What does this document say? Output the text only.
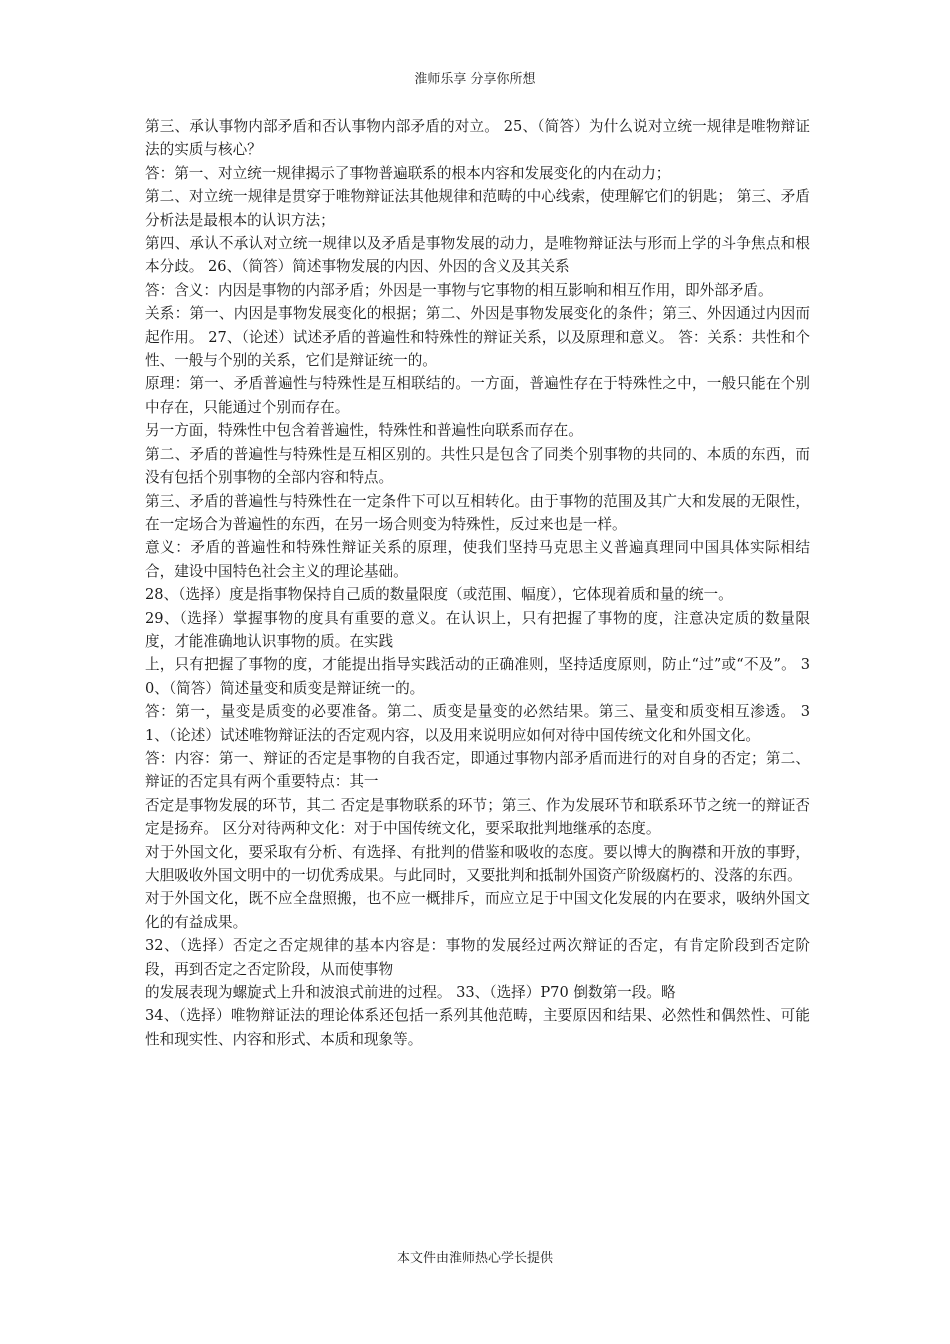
淮师乐享 分享你所想

第三、承认事物内部矛盾和否认事物内部矛盾的对立。 25、（简答）为什么说对立统一规律是唯物辩证法的实质与核心？

答：第一、对立统一规律揭示了事物普遍联系的根本内容和发展变化的内在动力；

第二、对立统一规律是贯穿于唯物辩证法其他规律和范畴的中心线索，使理解它们的钥匙； 第三、矛盾分析法是最根本的认识方法；

第四、承认不承认对立统一规律以及矛盾是事物发展的动力，是唯物辩证法与形而上学的斗争焦点和根本分歧。 26、（简答）简述事物发展的内因、外因的含义及其关系

答：含义：内因是事物的内部矛盾；外因是一事物与它事物的相互影响和相互作用，即外部矛盾。

关系：第一、内因是事物发展变化的根据；第二、外因是事物发展变化的条件；第三、外因通过内因而起作用。 27、（论述）试述矛盾的普遍性和特殊性的辩证关系，以及原理和意义。 答：关系：共性和个性、一般与个别的关系，它们是辩证统一的。

原理：第一、矛盾普遍性与特殊性是互相联结的。一方面，普遍性存在于特殊性之中，一般只能在个别中存在，只能通过个别而存在。

另一方面，特殊性中包含着普遍性，特殊性和普遍性向联系而存在。

第二、矛盾的普遍性与特殊性是互相区别的。共性只是包含了同类个别事物的共同的、本质的东西，而没有包括个别事物的全部内容和特点。

第三、矛盾的普遍性与特殊性在一定条件下可以互相转化。由于事物的范围及其广大和发展的无限性，在一定场合为普遍性的东西，在另一场合则变为特殊性，反过来也是一样。

意义：矛盾的普遍性和特殊性辩证关系的原理，使我们坚持马克思主义普遍真理同中国具体实际相结合，建设中国特色社会主义的理论基础。

28、（选择）度是指事物保持自己质的数量限度（或范围、幅度），它体现着质和量的统一。

29、（选择）掌握事物的度具有重要的意义。在认识上，只有把握了事物的度，注意决定质的数量限度，才能准确地认识事物的质。在实践

上，只有把握了事物的度，才能提出指导实践活动的正确准则，坚持适度原则，防止“过”或“不及”。 30、（简答）简述量变和质变是辩证统一的。

答：第一，量变是质变的必要准备。第二、质变是量变的必然结果。第三、量变和质变相互渗透。 31、（论述）试述唯物辩证法的否定观内容，以及用来说明应如何对待中国传统文化和外国文化。

答：内容：第一、辩证的否定是事物的自我否定，即通过事物内部矛盾而进行的对自身的否定；第二、辩证的否定具有两个重要特点：其一

否定是事物发展的环节，其二 否定是事物联系的环节；第三、作为发展环节和联系环节之统一的辩证否定是扬弃。 区分对待两种文化：对于中国传统文化，要采取批判地继承的态度。

对于外国文化，要采取有分析、有选择、有批判的借鉴和吸收的态度。要以博大的胸襟和开放的事野，大胆吸收外国文明中的一切优秀成果。与此同时，又要批判和抵制外国资产阶级腐朽的、没落的东西。

对于外国文化，既不应全盘照搬，也不应一概排斥，而应立足于中国文化发展的内在要求，吸纳外国文化的有益成果。

32、（选择）否定之否定规律的基本内容是：事物的发展经过两次辩证的否定，有肯定阶段到否定阶段，再到否定之否定阶段，从而使事物

的发展表现为螺旋式上升和波浪式前进的过程。 33、（选择）P70 倒数第一段。略

34、（选择）唯物辩证法的理论体系还包括一系列其他范畴，主要原因和结果、必然性和偶然性、可能性和现实性、内容和形式、本质和现象等。

本文件由淮师热心学长提供
